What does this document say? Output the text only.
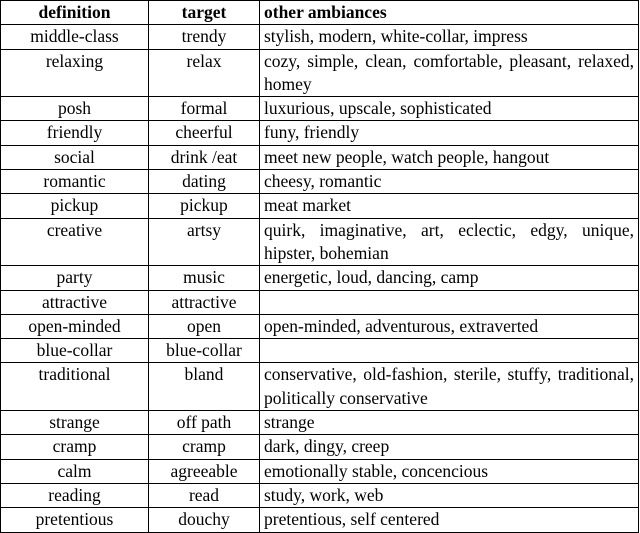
definition	target	other ambiances
middle-class	trendy	stylish, modern, white-collar, impress
relaxing	relax	cozy, simple, clean, comfortable, pleasant, relaxed, homey
posh	formal	luxurious, upscale, sophisticated
friendly	cheerful	funy, friendly
social	drink /eat	meet new people, watch people, hangout
romantic	dating	cheesy, romantic
pickup	pickup	meat market
creative	artsy	quirk, imaginative, art, eclectic, edgy, unique, hipster, bohemian
party	music	energetic, loud, dancing, camp
attractive	attractive	
open-minded	open	open-minded, adventurous, extraverted
blue-collar	blue-collar	
traditional	bland	conservative, old-fashion, sterile, stuffy, traditional, politically conservative
strange	off path	strange
cramp	cramp	dark, dingy, creep
calm	agreeable	emotionally stable, concencious
reading	read	study, work, web
pretentious	douchy	pretentious, self centered
